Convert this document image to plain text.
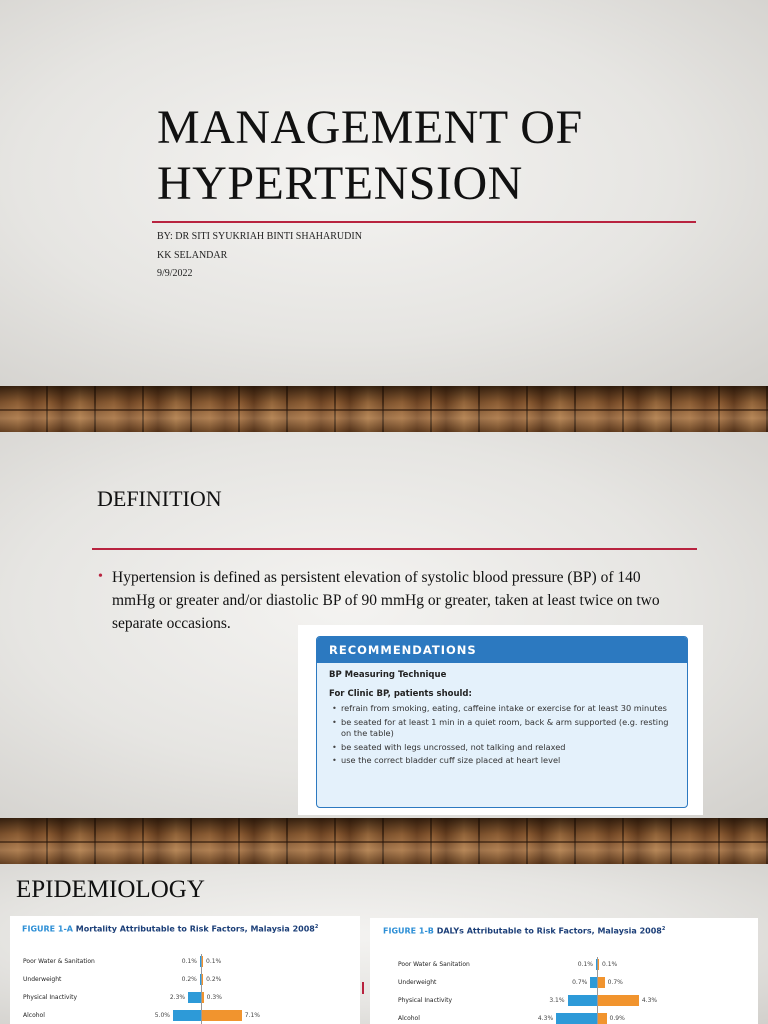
MANAGEMENT OF
HYPERTENSION

BY: DR SITI SYUKRIAH BINTI SHAHARUDIN

KK SELANDAR

9/9/2022

DEFINITION
• Hypertension is defined as persistent elevation of systolic blood pressure (BP) of 140 mmHg or greater and/or diastolic BP of 90 mmHg or greater, taken at least twice on two separate occasions.
RECOMMENDATIONS
BP Measuring Technique
For Clinic BP, patients should:
• refrain from smoking, eating, caffeine intake or exercise for at least 30 minutes
• be seated for at least 1 min in a quiet room, back & arm supported (e.g. resting on the table)
• be seated with legs uncrossed, not talking and relaxed
• use the correct bladder cuff size placed at heart level
EPIDEMIOLOGY
FIGURE 1-A Mortality Attributable to Risk Factors, Malaysia 2008$^2$
Poor Water & Sanitation	0.1% 0.1%
Underweight	0.2% 0.2%
Physical Inactivity	2.3%	0.3%
Alcohol	5.0%	7.1%
FIGURE 1-B DALYs Attributable to Risk Factors, Malaysia 2008$^2$
Poor Water & Sanitation	0.1% 0.1%
Underweight	0.7%	0.7%
Physical Inactivity	3.1%	4.3%
Alcohol	4.3%	0.9%
